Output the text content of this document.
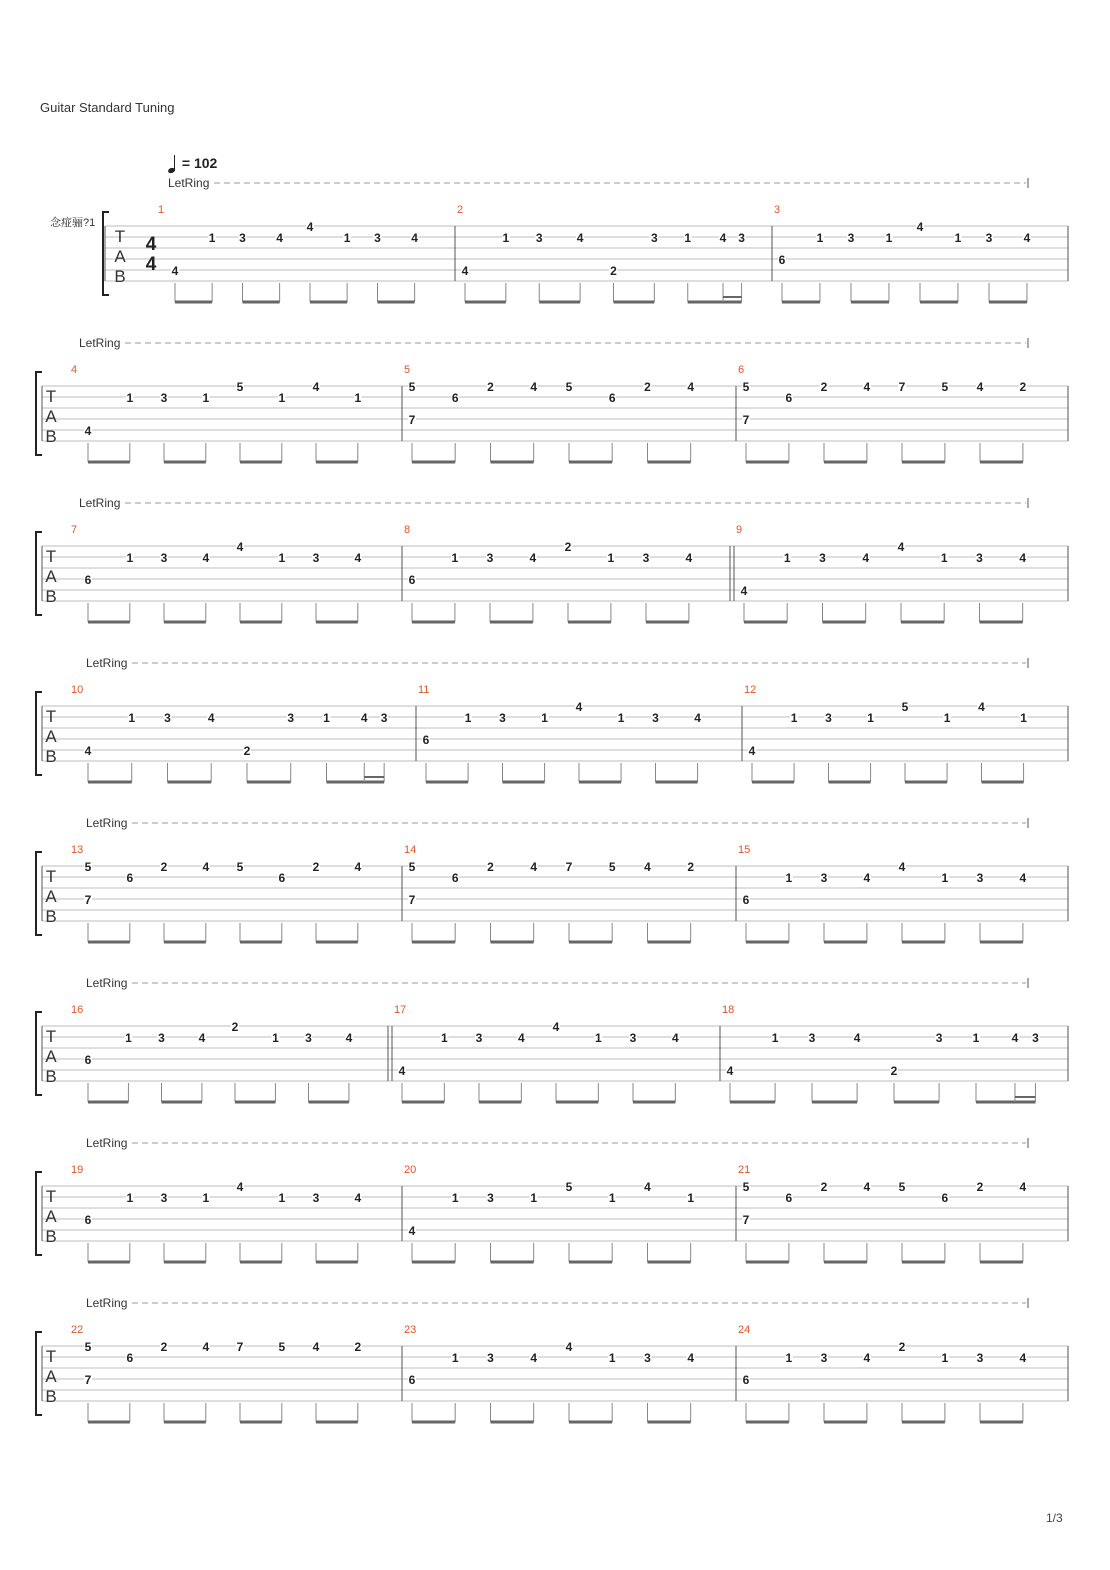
Guitar Standard Tuning
= 102
T
A
B
4
4
念痖骊?1
LetRing
1
4
1 3	4
4
1 3	4
2
4
1 3	4
2
3 1 4 3
3
6
1 3	1
4
1 3	4
T
A
B
LetRing
4
4
1 3	1
5
1
4
1
5
5
6
2	4 5
6
2	4
7
6
5
6
2	4 7	5 4	2
7
T
A
B
LetRing
7
6
1 3	4
4
1 3	4
8
6
1 3	4
2
1 3	4
9
4
1 3	4
4
1 3	4
T
A
B
LetRing
10
4
1 3	4
2
3 1	4 3
11
6
1 3	1
4
1 3	4
12
4
1 3	1
5
1
4
1
T
A
B
LetRing
13
5
6
2	4 5
6
2	4
7
14
5
6
2	4 7	5 4	2
7
15
6
1 3	4
4
1 3	4
T
A
B
LetRing
16
6
1 3	4
2
1 3	4
17
4
1 3	4
4
1 3	4
18
4
1	3	4
2
3	1	4 3
T
A
B
LetRing
19
6
1 3	1
4
1 3	4
20
4
1 3	1
5
1
4
1
21
5
6
2	4 5
6
2	4
7
T
A
B
LetRing
22
5
6
2	4 7	5 4	2
7
23
6
1 3	4
4
1 3	4
24
6
1 3	4
2
1 3	4
1/3
